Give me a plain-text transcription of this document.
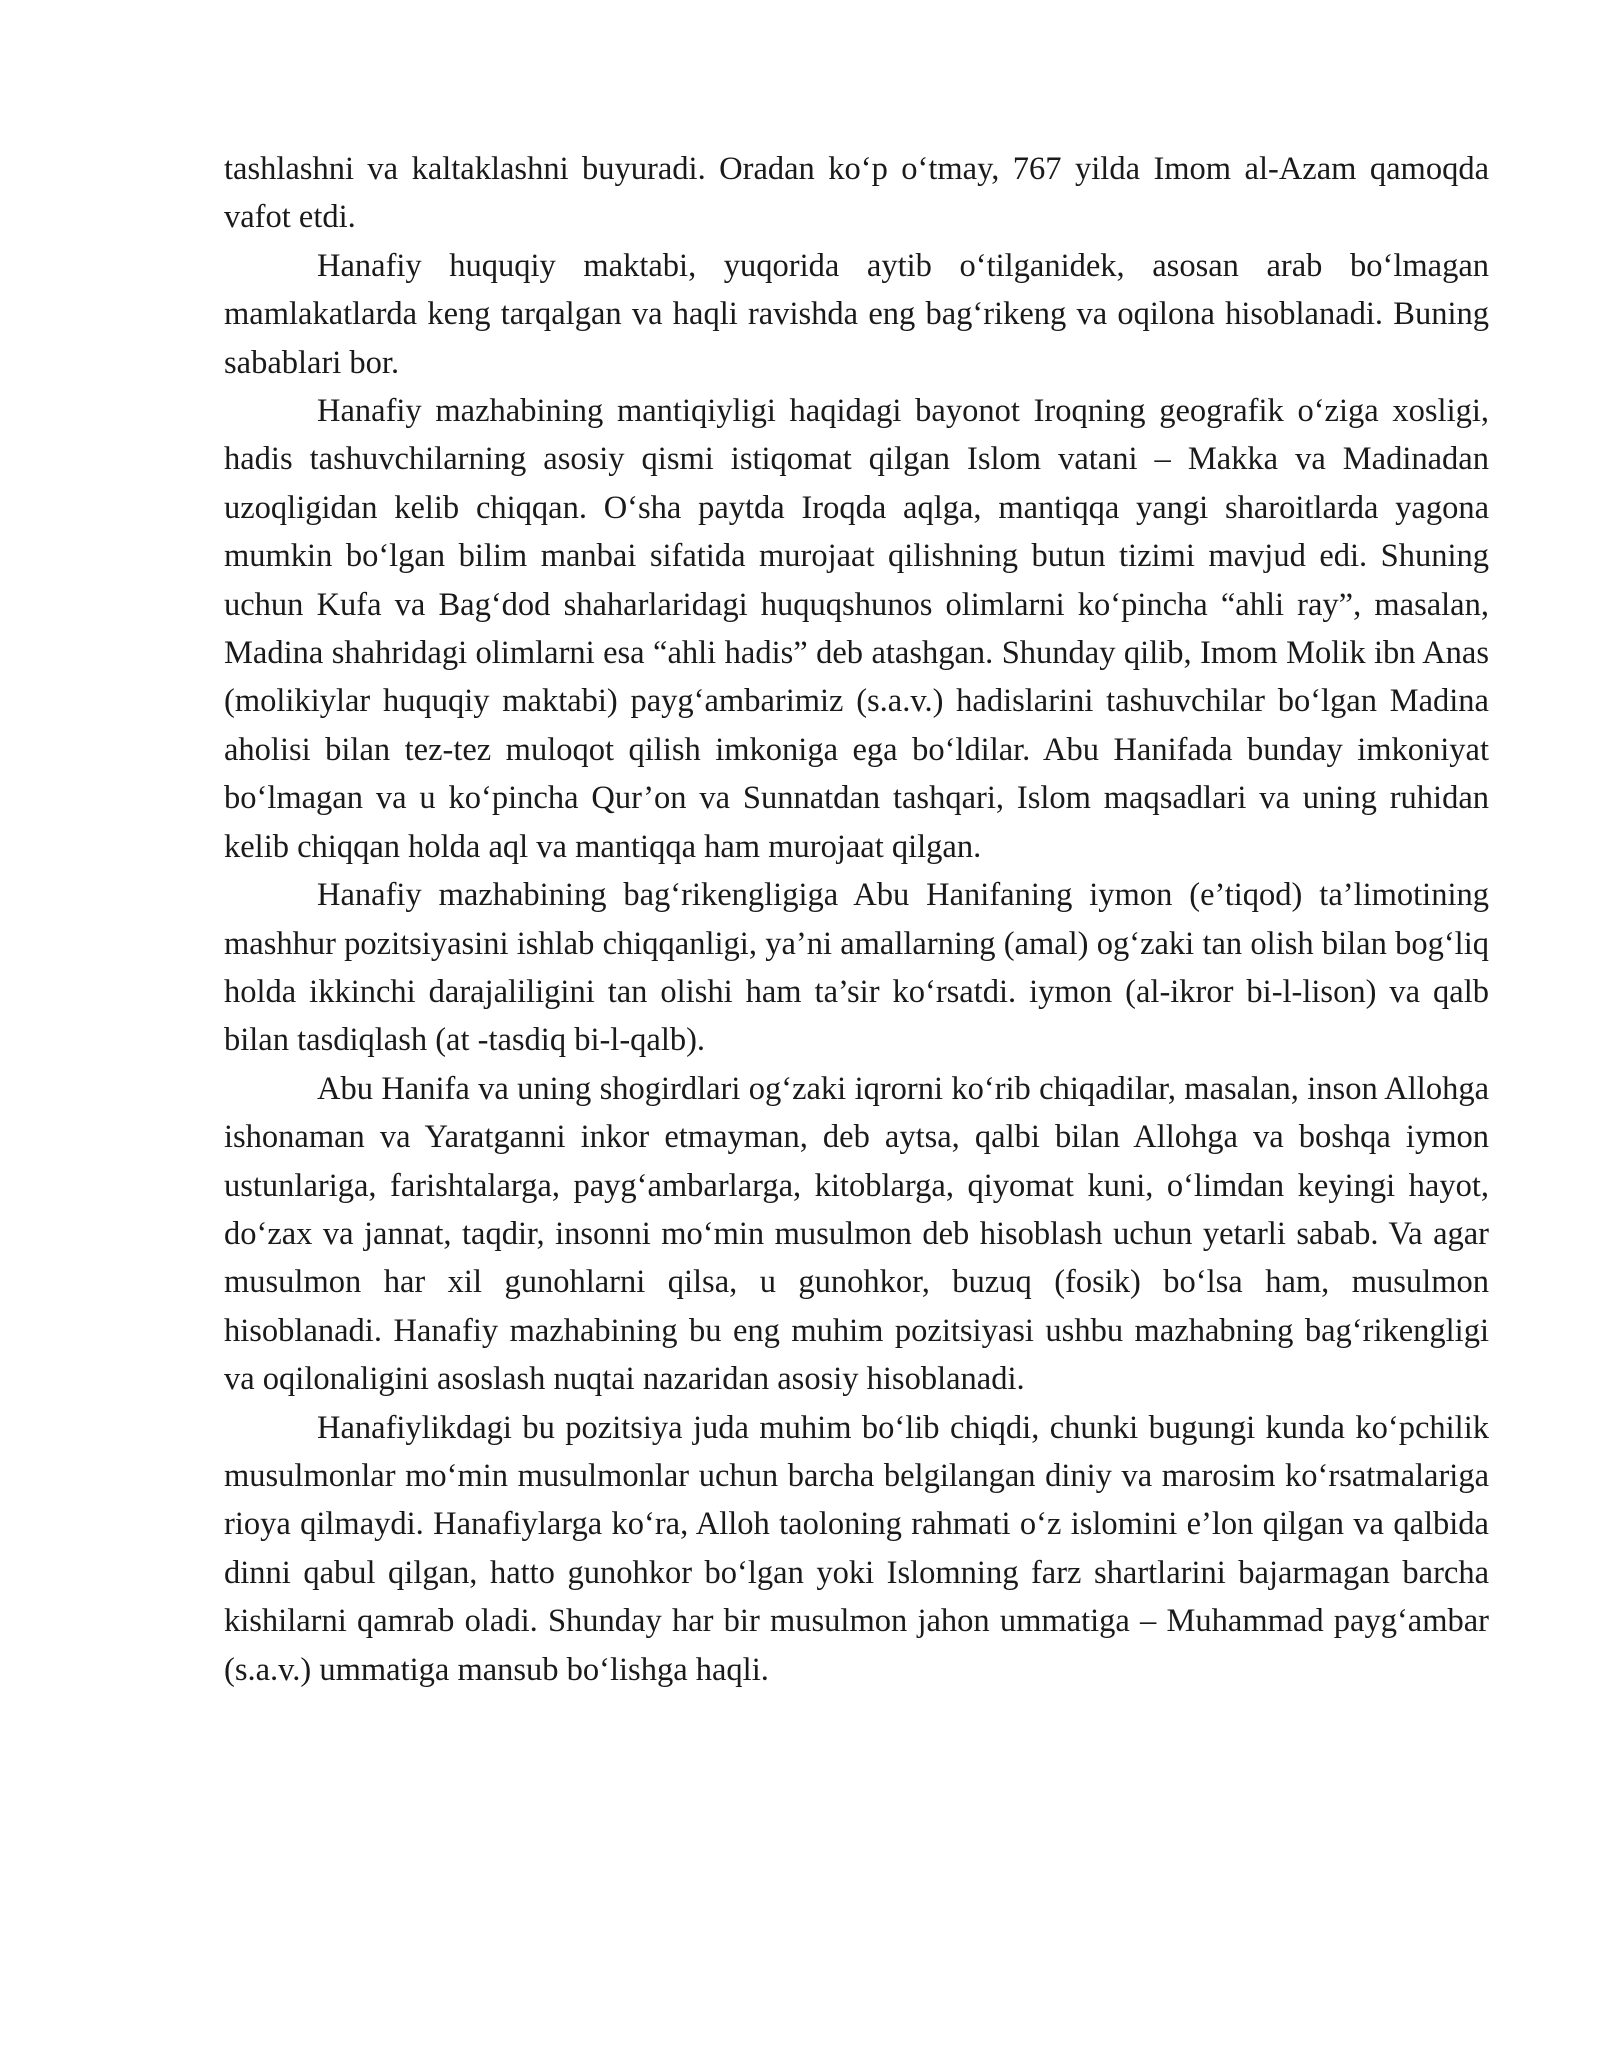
tashlashni va kaltaklashni buyuradi. Oradan ko‘p o‘tmay, 767 yilda Imom al-Azam qamoqda vafot etdi.

Hanafiy huquqiy maktabi, yuqorida aytib o‘tilganidek, asosan arab bo‘lmagan mamlakatlarda keng tarqalgan va haqli ravishda eng bag‘rikeng va oqilona hisoblanadi. Buning sabablari bor.

Hanafiy mazhabining mantiqiyligi haqidagi bayonot Iroqning geografik o‘ziga xosligi, hadis tashuvchilarning asosiy qismi istiqomat qilgan Islom vatani – Makka va Madinadan uzoqligidan kelib chiqqan. O‘sha paytda Iroqda aqlga, mantiqqa yangi sharoitlarda yagona mumkin bo‘lgan bilim manbai sifatida murojaat qilishning butun tizimi mavjud edi. Shuning uchun Kufa va Bag‘dod shaharlaridagi huquqshunos olimlarni ko‘pincha “ahli ray”, masalan, Madina shahridagi olimlarni esa “ahli hadis” deb atashgan. Shunday qilib, Imom Molik ibn Anas (molikiylar huquqiy maktabi) payg‘ambarimiz (s.a.v.) hadislarini tashuvchilar bo‘lgan Madina aholisi bilan tez-tez muloqot qilish imkoniga ega bo‘ldilar. Abu Hanifada bunday imkoniyat bo‘lmagan va u ko‘pincha Qur’on va Sunnatdan tashqari, Islom maqsadlari va uning ruhidan kelib chiqqan holda aql va mantiqqa ham murojaat qilgan.

Hanafiy mazhabining bag‘rikengligiga Abu Hanifaning iymon (e’tiqod) ta’limotining mashhur pozitsiyasini ishlab chiqqanligi, ya’ni amallarning (amal) og‘zaki tan olish bilan bog‘liq holda ikkinchi darajaliligini tan olishi ham ta’sir ko‘rsatdi. iymon (al-ikror bi-l-lison) va qalb bilan tasdiqlash (at -tasdiq bi-l-qalb).

Abu Hanifa va uning shogirdlari og‘zaki iqrorni ko‘rib chiqadilar, masalan, inson Allohga ishonaman va Yaratganni inkor etmayman, deb aytsa, qalbi bilan Allohga va boshqa iymon ustunlariga, farishtalarga, payg‘ambarlarga, kitoblarga, qiyomat kuni, o‘limdan keyingi hayot, do‘zax va jannat, taqdir, insonni mo‘min musulmon deb hisoblash uchun yetarli sabab. Va agar musulmon har xil gunohlarni qilsa, u gunohkor, buzuq (fosik) bo‘lsa ham, musulmon hisoblanadi. Hanafiy mazhabining bu eng muhim pozitsiyasi ushbu mazhabning bag‘rikengligi va oqilonaligini asoslash nuqtai nazaridan asosiy hisoblanadi.

Hanafiylikdagi bu pozitsiya juda muhim bo‘lib chiqdi, chunki bugungi kunda ko‘pchilik musulmonlar mo‘min musulmonlar uchun barcha belgilangan diniy va marosim ko‘rsatmalariga rioya qilmaydi. Hanafiylarga ko‘ra, Alloh taoloning rahmati o‘z islomini e’lon qilgan va qalbida dinni qabul qilgan, hatto gunohkor bo‘lgan yoki Islomning farz shartlarini bajarmagan barcha kishilarni qamrab oladi. Shunday har bir musulmon jahon ummatiga – Muhammad payg‘ambar (s.a.v.) ummatiga mansub bo‘lishga haqli.
